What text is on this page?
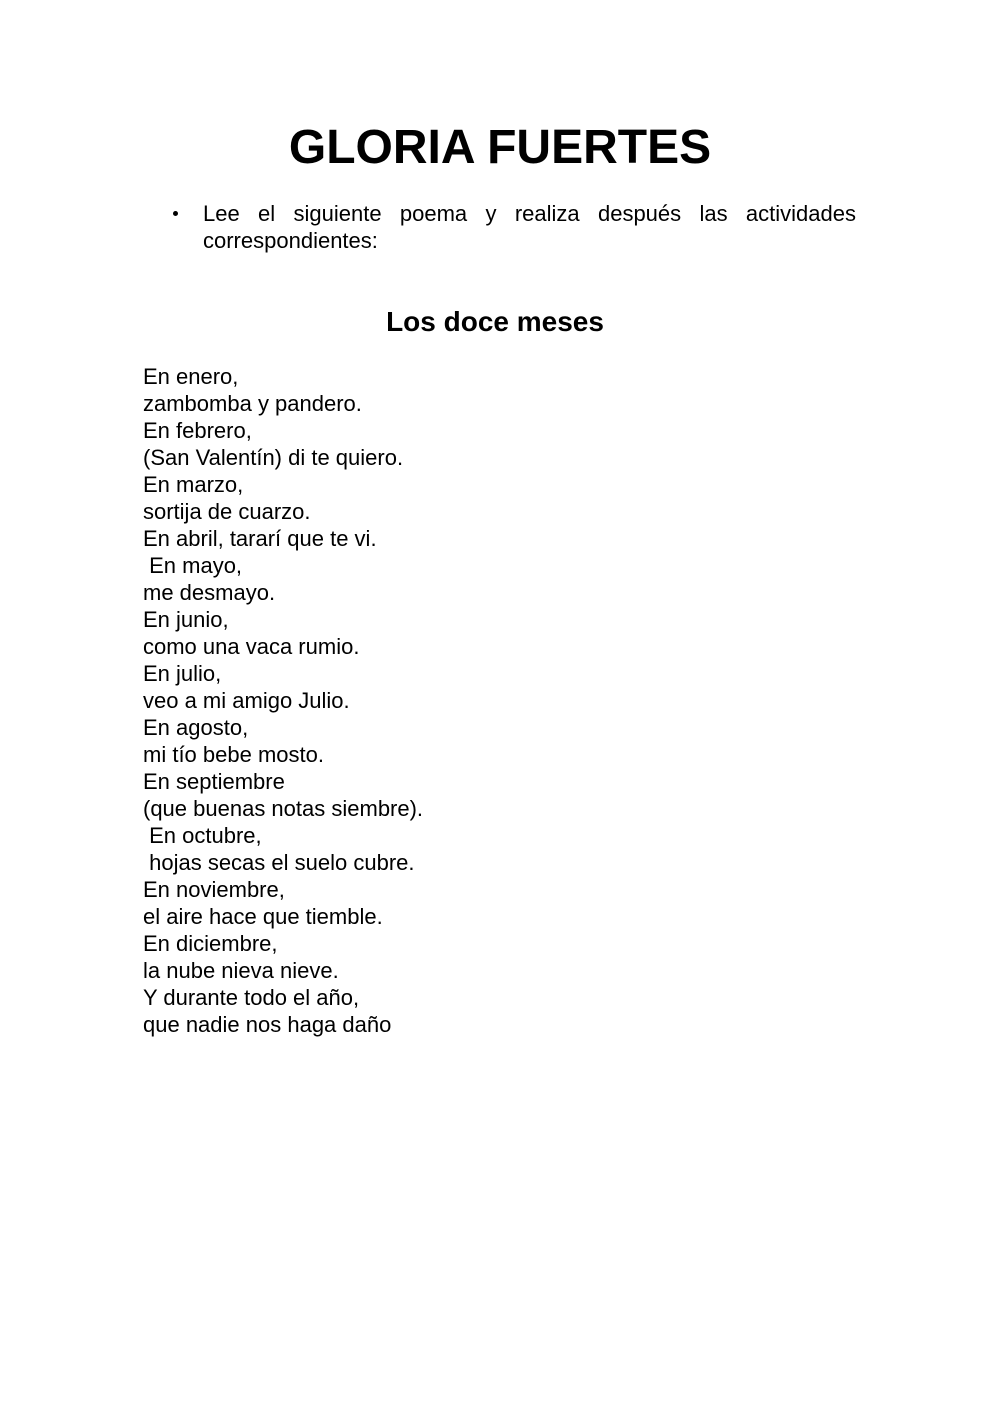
GLORIA FUERTES

Lee el siguiente poema y realiza después las actividades correspondientes:

Los doce meses
En enero,
zambomba y pandero.
En febrero,
(San Valentín) di te quiero.
En marzo,
sortija de cuarzo.
En abril, tararí que te vi.
En mayo,
me desmayo.
En junio,
como una vaca rumio.
En julio,
veo a mi amigo Julio.
En agosto,
mi tío bebe mosto.
En septiembre
(que buenas notas siembre).
En octubre,
hojas secas el suelo cubre.
En noviembre,
el aire hace que tiemble.
En diciembre,
la nube nieva nieve.
Y durante todo el año,
que nadie nos haga daño
